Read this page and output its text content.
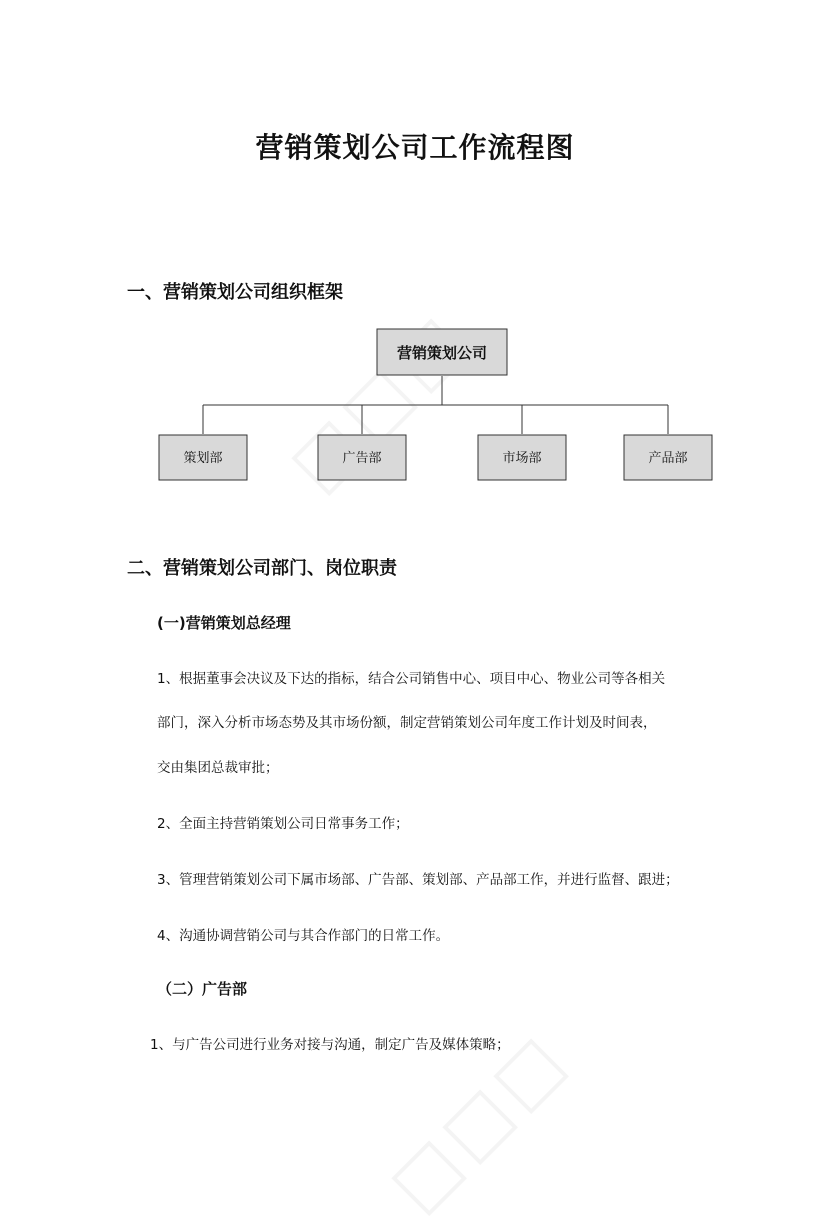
营销策划公司工作流程图
一、营销策划公司组织框架
营销策划公司
策划部	广告部	市场部	产品部
二、营销策划公司部门、岗位职责
(一)营销策划总经理
1、根据董事会决议及下达的指标，结合公司销售中心、项目中心、物业公司等各相关
部门，深入分析市场态势及其市场份额，制定营销策划公司年度工作计划及时间表，
交由集团总裁审批；
2、全面主持营销策划公司日常事务工作；
3、管理营销策划公司下属市场部、广告部、策划部、产品部工作，并进行监督、跟进；
4、沟通协调营销公司与其合作部门的日常工作。
（二）广告部
1、与广告公司进行业务对接与沟通，制定广告及媒体策略；
